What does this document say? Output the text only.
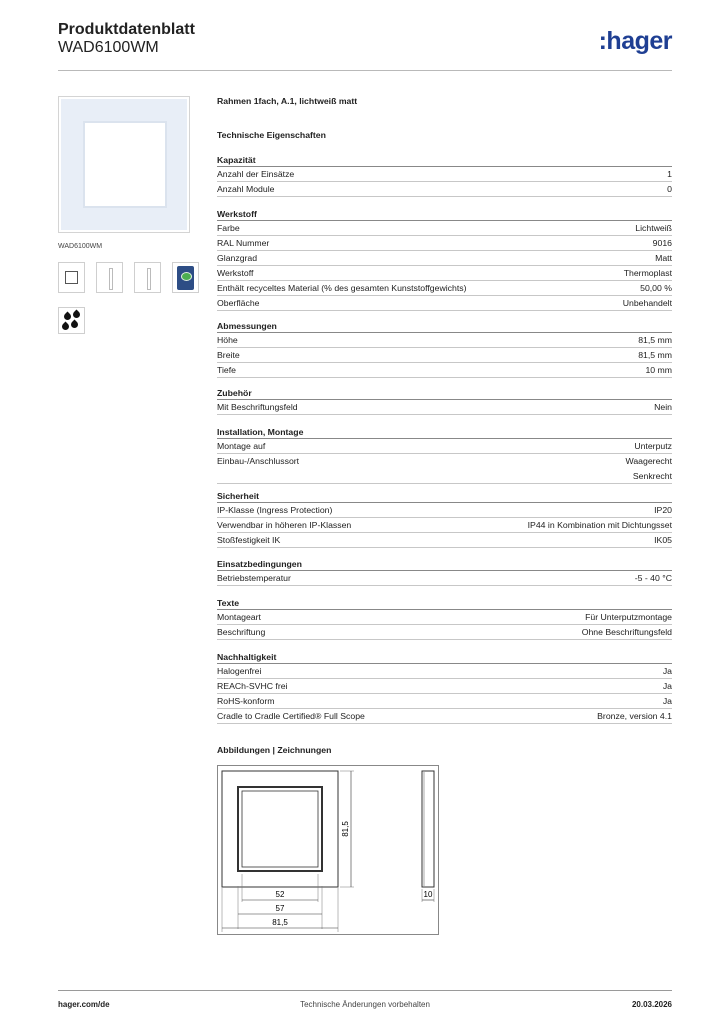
Produktdatenblatt
WAD6100WM	:hager
WAD6100WM
Rahmen 1fach, A.1, lichtweiß matt
Technische Eigenschaften
Kapazität
Anzahl der Einsätze	1
Anzahl Module	0
Werkstoff
Farbe	Lichtweiß
RAL Nummer	9016
Glanzgrad	Matt
Werkstoff	Thermoplast
Enthält recyceltes Material (% des gesamten Kunststoffgewichts)	50,00 %
Oberfläche	Unbehandelt
Abmessungen
Höhe	81,5 mm
Breite	81,5 mm
Tiefe	10 mm
Zubehör
Mit Beschriftungsfeld	Nein
Installation, Montage
Montage auf	Unterputz
Einbau-/Anschlussort	Waagerecht
Senkrecht
Sicherheit
IP-Klasse (Ingress Protection)	IP20
Verwendbar in höheren IP-Klassen	IP44 in Kombination mit Dichtungsset
Stoßfestigkeit IK	IK05
Einsatzbedingungen
Betriebstemperatur	-5 - 40 °C
Texte
Montageart	Für Unterputzmontage
Beschriftung	Ohne Beschriftungsfeld
Nachhaltigkeit
Halogenfrei	Ja
REACh-SVHC frei	Ja
RoHS-konform	Ja
Cradle to Cradle Certified® Full Scope	Bronze, version 4.1
Abbildungen | Zeichnungen
52
57
81,5
81,5
10
hager.com/de	Technische Änderungen vorbehalten	20.03.2026
